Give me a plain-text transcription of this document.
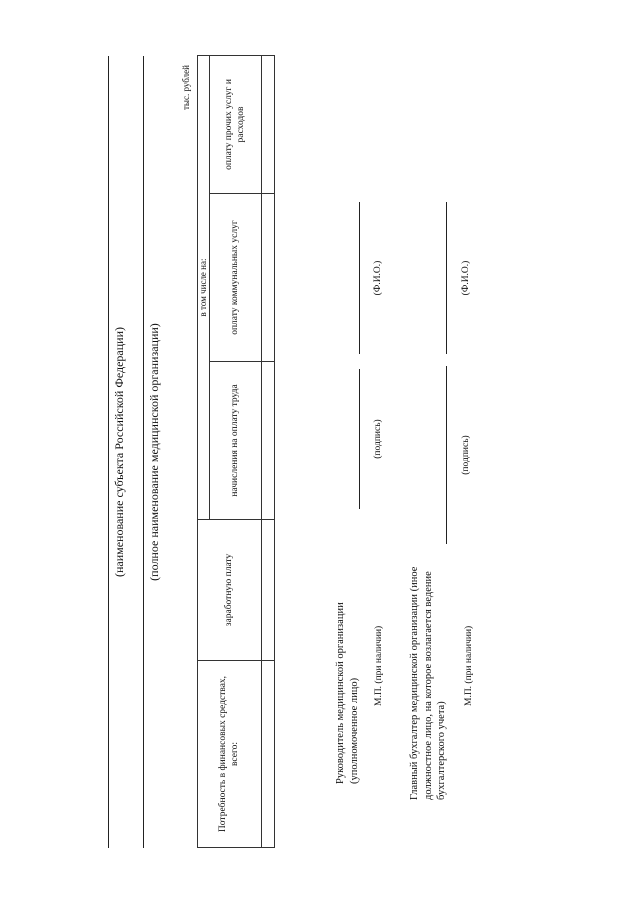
(наименование субъекта Российской Федерации) (полное наименование медицинской организации)
тыс. рублей
Потребность в финансовых средствах, всего:	заработную плату	в том числе на:		
		начисления на оплату труда	оплату коммунальных услуг	оплату прочих услуг и расходов

Руководитель медицинской организации (уполномоченное лицо)
М.П. (при наличии)
(подпись)
(Ф.И.О.)
Главный бухгалтер медицинской организации (иное должностное лицо, на которое возлагается ведение бухгалтерского учета)
М.П. (при наличии)
(подпись)
(Ф.И.О.)
